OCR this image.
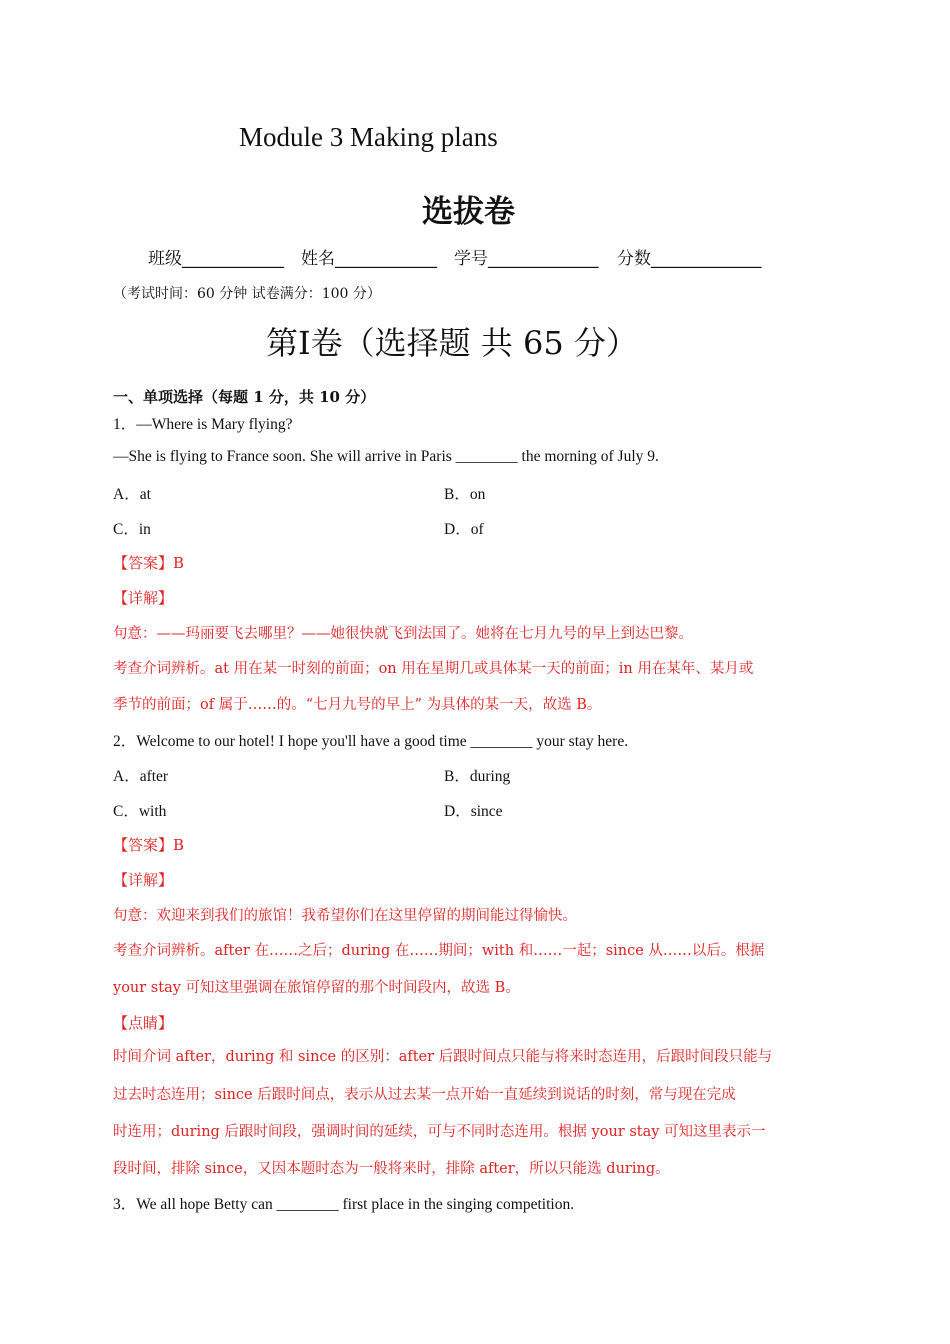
Module 3 Making plans
选拔卷
班级____________ 姓名____________ 学号_____________ 分数_____________
（考试时间：60 分钟 试卷满分：100 分）
第Ⅰ卷（选择题 共 65 分）
一、单项选择（每题 1 分，共 10 分）
1．—Where is Mary flying?
—She is flying to France soon. She will arrive in Paris ________ the morning of July 9.
A．at	B．on
C．in	D．of
【答案】B
【详解】
句意：——玛丽要飞去哪里？——她很快就飞到法国了。她将在七月九号的早上到达巴黎。
考查介词辨析。at 用在某一时刻的前面；on 用在星期几或具体某一天的前面；in 用在某年、某月或
季节的前面；of 属于……的。“七月九号的早上” 为具体的某一天，故选 B。
2．Welcome to our hotel! I hope you'll have a good time ________ your stay here.
A．after	B．during
C．with	D．since
【答案】B
【详解】
句意：欢迎来到我们的旅馆！我希望你们在这里停留的期间能过得愉快。
考查介词辨析。after 在……之后；during 在……期间；with 和……一起；since 从……以后。根据
your stay 可知这里强调在旅馆停留的那个时间段内，故选 B。
【点睛】
时间介词 after，during 和 since 的区别：after 后跟时间点只能与将来时态连用，后跟时间段只能与
过去时态连用；since 后跟时间点，表示从过去某一点开始一直延续到说话的时刻，常与现在完成
时连用；during 后跟时间段，强调时间的延续，可与不同时态连用。根据 your stay 可知这里表示一
段时间，排除 since，又因本题时态为一般将来时，排除 after，所以只能选 during。
3．We all hope Betty can ________ first place in the singing competition.
